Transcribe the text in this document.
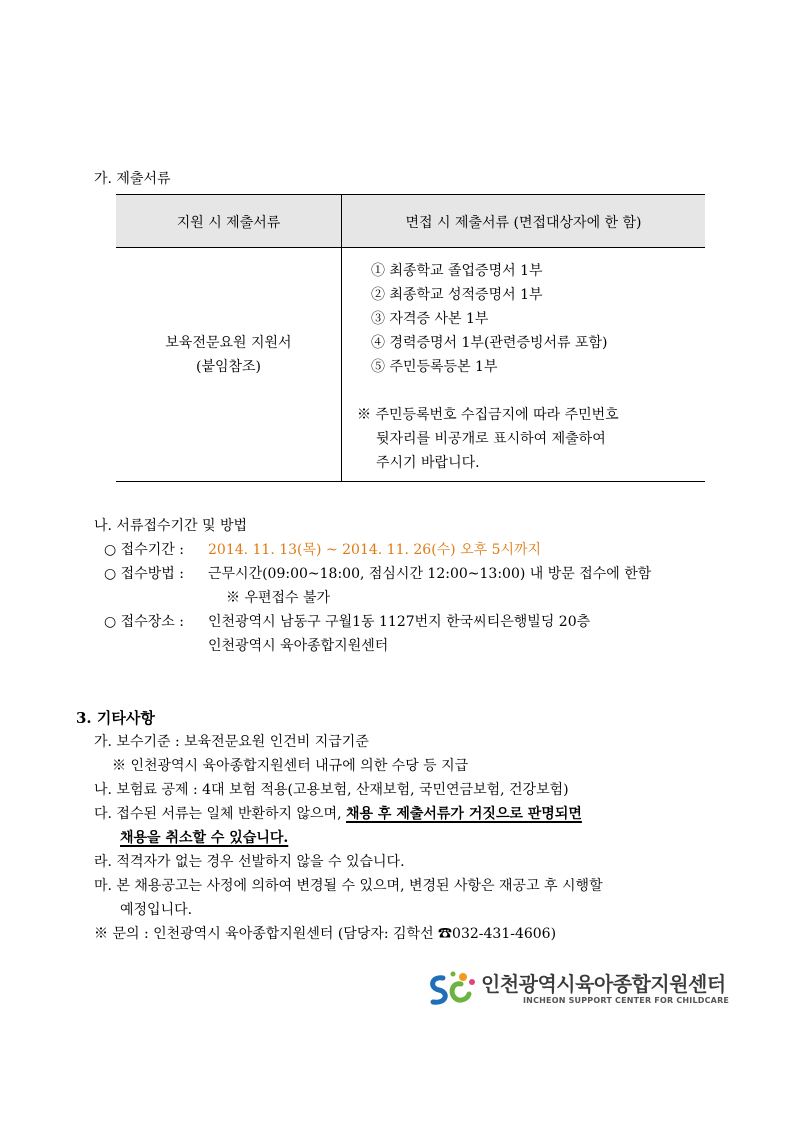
가. 제출서류
지원 시 제출서류	면접 시 제출서류 (면접대상자에 한 함)
보육전문요원 지원서
(붙임참조)
① 최종학교 졸업증명서 1부
② 최종학교 성적증명서 1부
③ 자격증 사본 1부
④ 경력증명서 1부(관련증빙서류 포함)
⑤ 주민등록등본 1부
※ 주민등록번호 수집금지에 따라 주민번호
뒷자리를 비공개로 표시하여 제출하여
주시기 바랍니다.
나. 서류접수기간 및 방법
○ 접수기간 : 2014. 11. 13(목) ~ 2014. 11. 26(수) 오후 5시까지
○ 접수방법 : 근무시간(09:00~18:00, 점심시간 12:00~13:00) 내 방문 접수에 한함
※ 우편접수 불가
○ 접수장소 : 인천광역시 남동구 구월1동 1127번지 한국씨티은행빌딩 20층
인천광역시 육아종합지원센터
3. 기타사항
가. 보수기준 : 보육전문요원 인건비 지급기준
※ 인천광역시 육아종합지원센터 내규에 의한 수당 등 지급
나. 보험료 공제 : 4대 보험 적용(고용보험, 산재보험, 국민연금보험, 건강보험)
다. 접수된 서류는 일체 반환하지 않으며, 채용 후 제출서류가 거짓으로 판명되면
채용을 취소할 수 있습니다.
라. 적격자가 없는 경우 선발하지 않을 수 있습니다.
마. 본 채용공고는 사정에 의하여 변경될 수 있으며, 변경된 사항은 재공고 후 시행할
예정입니다.
※ 문의 : 인천광역시 육아종합지원센터 (담당자: 김학선 ☎032-431-4606)
인천광역시육아종합지원센터
INCHEON SUPPORT CENTER FOR CHILDCARE
